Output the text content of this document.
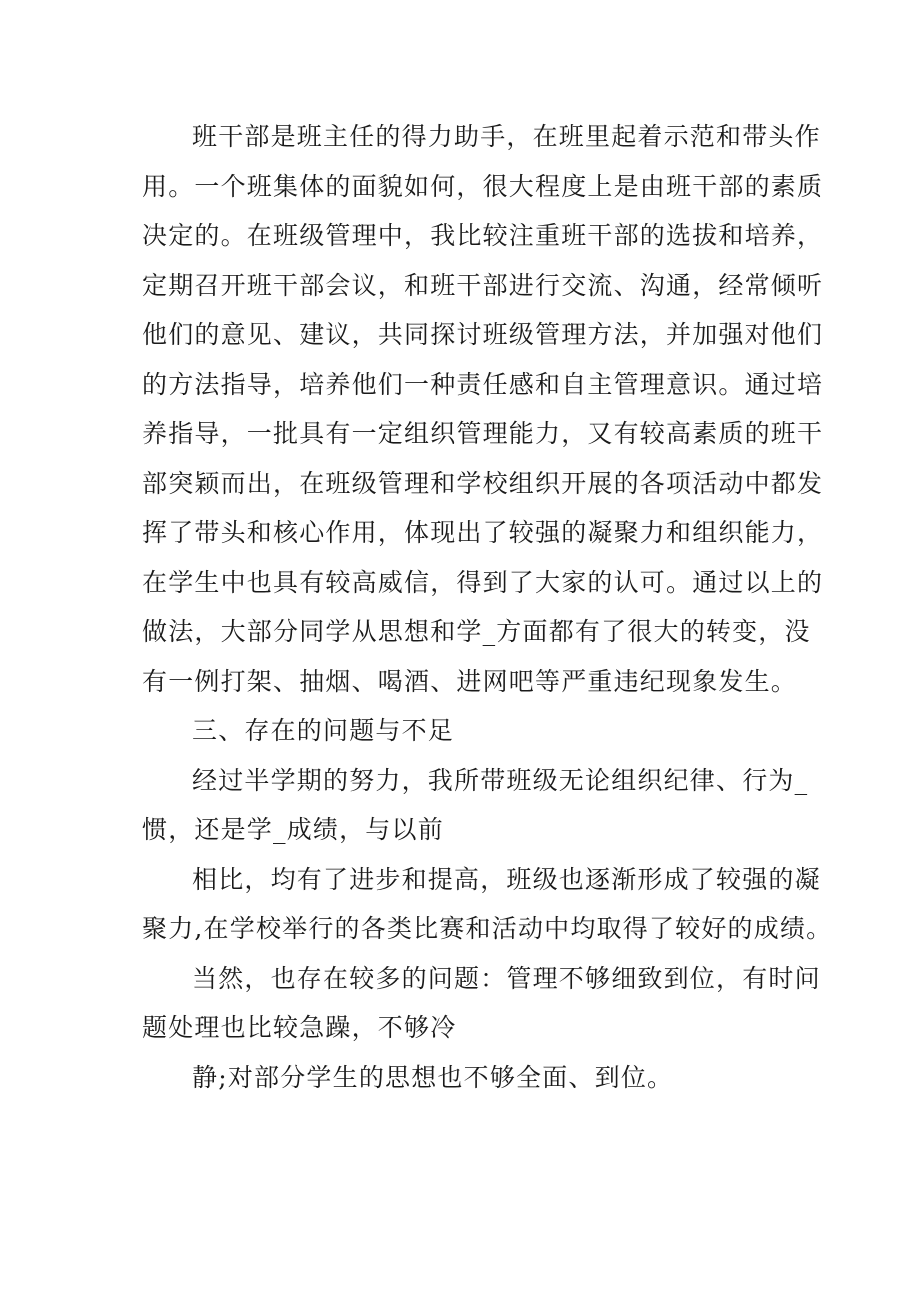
班干部是班主任的得力助手，在班里起着示范和带头作
用。一个班集体的面貌如何，很大程度上是由班干部的素质
决定的。在班级管理中，我比较注重班干部的选拔和培养，
定期召开班干部会议，和班干部进行交流、沟通，经常倾听
他们的意见、建议，共同探讨班级管理方法，并加强对他们
的方法指导，培养他们一种责任感和自主管理意识。通过培
养指导，一批具有一定组织管理能力，又有较高素质的班干
部突颖而出，在班级管理和学校组织开展的各项活动中都发
挥了带头和核心作用，体现出了较强的凝聚力和组织能力，
在学生中也具有较高威信，得到了大家的认可。通过以上的
做法，大部分同学从思想和学_方面都有了很大的转变，没
有一例打架、抽烟、喝酒、进网吧等严重违纪现象发生。
三、存在的问题与不足
经过半学期的努力，我所带班级无论组织纪律、行为_
惯，还是学_成绩，与以前
相比，均有了进步和提高，班级也逐渐形成了较强的凝
聚力,在学校举行的各类比赛和活动中均取得了较好的成绩。
当然，也存在较多的问题：管理不够细致到位，有时问
题处理也比较急躁，不够冷
静;对部分学生的思想也不够全面、到位。
